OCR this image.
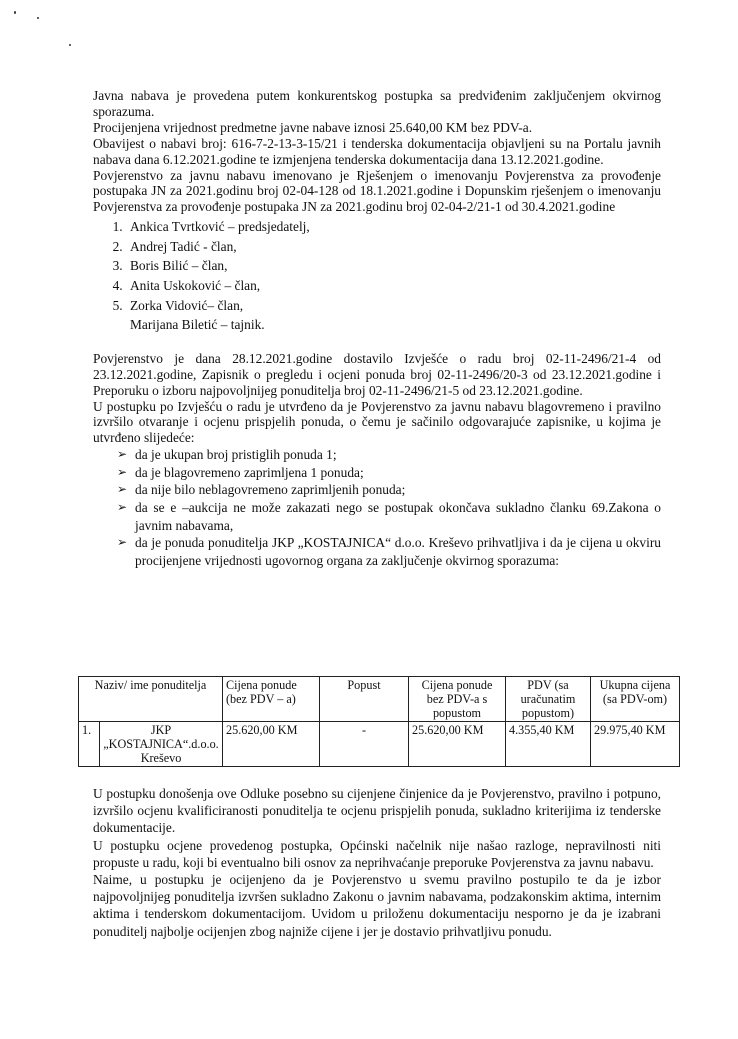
Javna nabava je provedena putem konkurentskog postupka sa predviđenim zaključenjem okvirnog sporazuma.

Procijenjena vrijednost predmetne javne nabave iznosi 25.640,00 KM bez PDV-a.

Obavijest o nabavi broj: 616-7-2-13-3-15/21 i tenderska dokumentacija objavljeni su na Portalu javnih nabava dana 6.12.2021.godine te izmjenjena tenderska dokumentacija dana 13.12.2021.godine.

Povjerenstvo za javnu nabavu imenovano je Rješenjem o imenovanju Povjerenstva za provođenje postupaka JN za 2021.godinu broj 02-04-128 od 18.1.2021.godine i Dopunskim rješenjem o imenovanju Povjerenstva za provođenje postupaka JN za 2021.godinu broj 02-04-2/21-1 od 30.4.2021.godine

1. Ankica Tvrtković – predsjedatelj,
2. Andrej Tadić - član,
3. Boris Bilić – član,
4. Anita Uskoković – član,
5. Zorka Vidović– član,
Marijana Biletić – tajnik.

Povjerenstvo je dana 28.12.2021.godine dostavilo Izvješće o radu broj 02-11-2496/21-4 od 23.12.2021.godine, Zapisnik o pregledu i ocjeni ponuda broj 02-11-2496/20-3 od 23.12.2021.godine i Preporuku o izboru najpovoljnijeg ponuditelja broj 02-11-2496/21-5 od 23.12.2021.godine.

U postupku po Izvješću o radu je utvrđeno da je Povjerenstvo za javnu nabavu blagovremeno i pravilno izvršilo otvaranje i ocjenu prispjelih ponuda, o čemu je sačinilo odgovarajuće zapisnike, u kojima je utvrđeno slijedeće:

➢ da je ukupan broj pristiglih ponuda 1;
➢ da je blagovremeno zaprimljena 1 ponuda;
➢ da nije bilo neblagovremeno zaprimljenih ponuda;
➢ da se e –aukcija ne može zakazati nego se postupak okončava sukladno članku 69.Zakona o javnim nabavama,
➢ da je ponuda ponuditelja JKP „KOSTAJNICA“ d.o.o. Kreševo prihvatljiva i da je cijena u okviru procijenjene vrijednosti ugovornog organa za zaključenje okvirnog sporazuma:
Naziv/ ime ponuditelja		Cijena ponude (bez PDV – a)	Popust	Cijena ponude bez PDV-a s popustom	PDV (sa uračunatim popustom)	Ukupna cijena (sa PDV-om)
1.	JKP „KOSTAJNICA“.d.o.o. Kreševo	25.620,00 KM	-	25.620,00 KM	4.355,40 KM	29.975,40 KM

U postupku donošenja ove Odluke posebno su cijenjene činjenice da je Povjerenstvo, pravilno i potpuno, izvršilo ocjenu kvalificiranosti ponuditelja te ocjenu prispjelih ponuda, sukladno kriterijima iz tenderske dokumentacije.

U postupku ocjene provedenog postupka, Općinski načelnik nije našao razloge, nepravilnosti niti propuste u radu, koji bi eventualno bili osnov za neprihvaćanje preporuke Povjerenstva za javnu nabavu.

Naime, u postupku je ocijenjeno da je Povjerenstvo u svemu pravilno postupilo te da je izbor najpovoljnijeg ponuditelja izvršen sukladno Zakonu o javnim nabavama, podzakonskim aktima, internim aktima i tenderskom dokumentacijom. Uvidom u priloženu dokumentaciju nesporno je da je izabrani ponuditelj najbolje ocijenjen zbog najniže cijene i jer je dostavio prihvatljivu ponudu.
